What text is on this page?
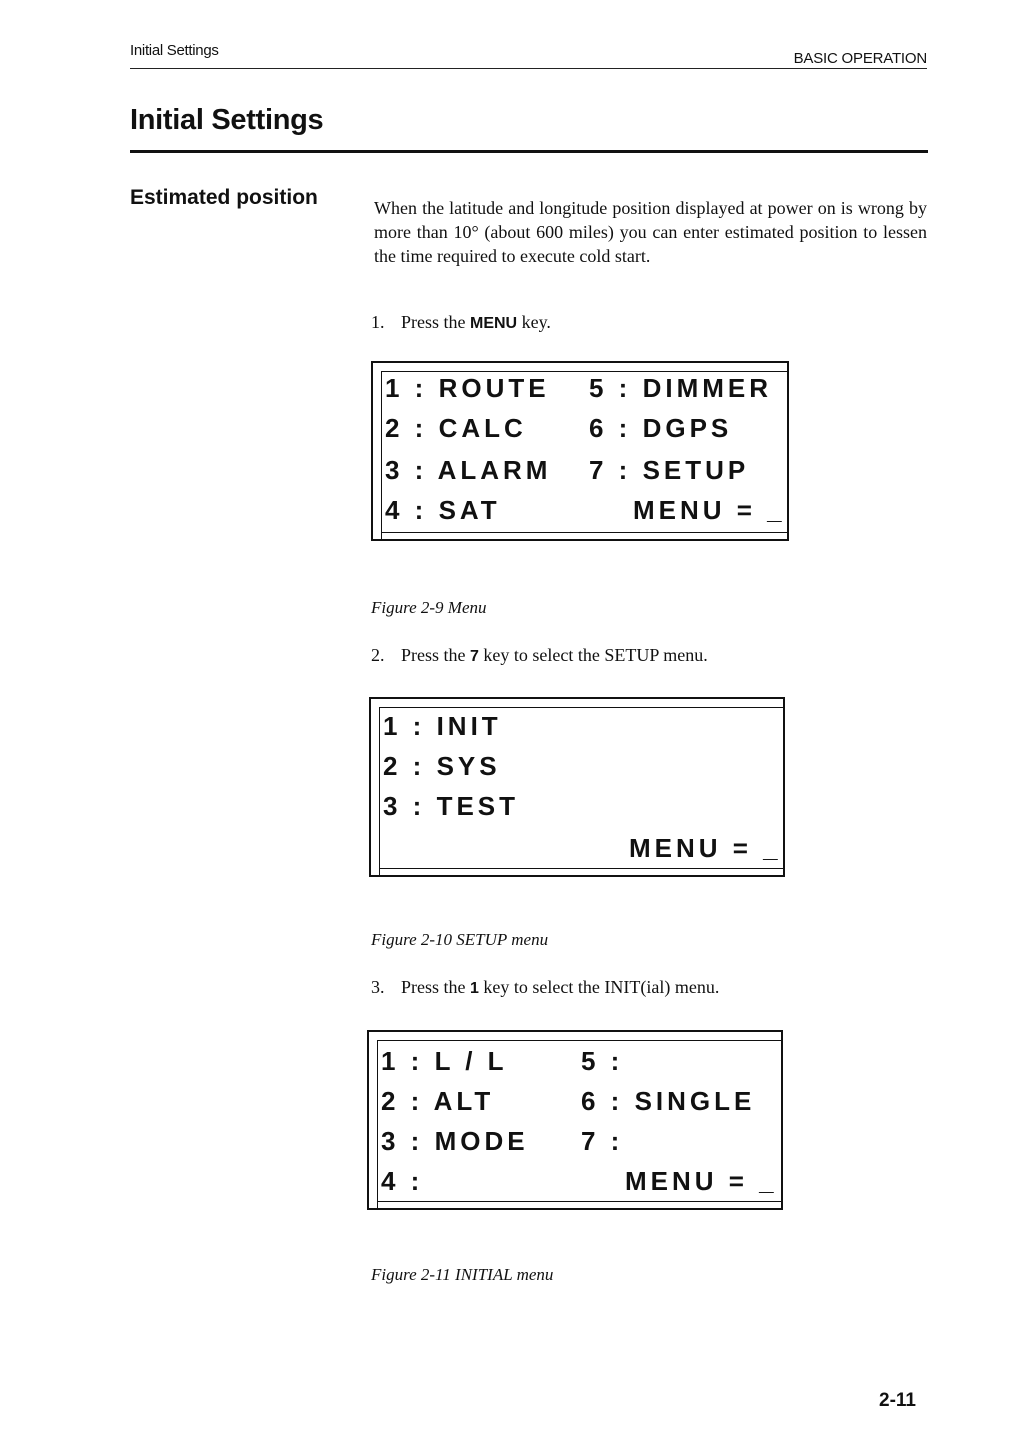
Initial Settings	BASIC OPERATION
Initial Settings
Estimated position	When the latitude and longitude position displayed at power on is wrong by more than 10° (about 600 miles) you can enter estimated position to lessen the time required to execute cold start.

1. Press the MENU key.

1 : ROUTE
2 : CALC
3 : ALARM
4 : SAT
5 : DIMMER
6 : DGPS
7 : SETUP
MENU = _

Figure 2-9 Menu

2. Press the 7 key to select the SETUP menu.

1 : INIT
2 : SYS
3 : TEST
MENU = _

Figure 2-10 SETUP menu

3. Press the 1 key to select the INIT(ial) menu.

1 : L / L
2 : ALT
3 : MODE
4 :
5 :
6 : SINGLE
7 :
MENU = _

Figure 2-11 INITIAL menu

2-11
